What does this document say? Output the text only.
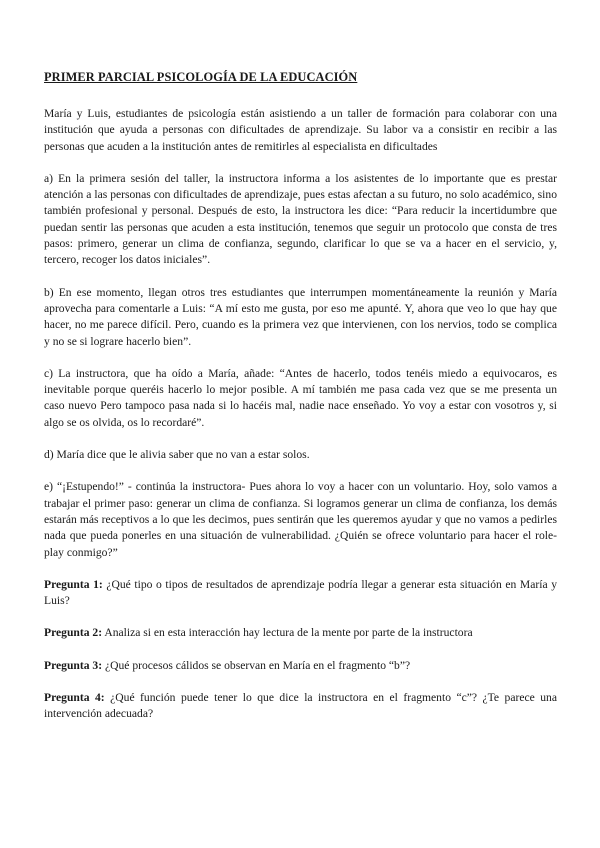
PRIMER PARCIAL PSICOLOGÍA DE LA EDUCACIÓN

María y Luis, estudiantes de psicología están asistiendo a un taller de formación para colaborar con una institución que ayuda a personas con dificultades de aprendizaje. Su labor va a consistir en recibir a las personas que acuden a la institución antes de remitirles al especialista en dificultades

a) En la primera sesión del taller, la instructora informa a los asistentes de lo importante que es prestar atención a las personas con dificultades de aprendizaje, pues estas afectan a su futuro, no solo académico, sino también profesional y personal. Después de esto, la instructora les dice: “Para reducir la incertidumbre que puedan sentir las personas que acuden a esta institución, tenemos que seguir un protocolo que consta de tres pasos: primero, generar un clima de confianza, segundo, clarificar lo que se va a hacer en el servicio, y, tercero, recoger los datos iniciales”.

b) En ese momento, llegan otros tres estudiantes que interrumpen momentáneamente la reunión y María aprovecha para comentarle a Luis: “A mí esto me gusta, por eso me apunté. Y, ahora que veo lo que hay que hacer, no me parece difícil. Pero, cuando es la primera vez que intervienen, con los nervios, todo se complica y no se si lograre hacerlo bien”.

c) La instructora, que ha oído a María, añade: “Antes de hacerlo, todos tenéis miedo a equivocaros, es inevitable porque queréis hacerlo lo mejor posible. A mí también me pasa cada vez que se me presenta un caso nuevo Pero tampoco pasa nada si lo hacéis mal, nadie nace enseñado. Yo voy a estar con vosotros y, si algo se os olvida, os lo recordaré”.

d) María dice que le alivia saber que no van a estar solos.

e) “¡Estupendo!” - continúa la instructora- Pues ahora lo voy a hacer con un voluntario. Hoy, solo vamos a trabajar el primer paso: generar un clima de confianza. Si logramos generar un clima de confianza, los demás estarán más receptivos a lo que les decimos, pues sentirán que les queremos ayudar y que no vamos a pedirles nada que pueda ponerles en una situación de vulnerabilidad. ¿Quién se ofrece voluntario para hacer el role-play conmigo?”

Pregunta 1: ¿Qué tipo o tipos de resultados de aprendizaje podría llegar a generar esta situación en María y Luis?

Pregunta 2: Analiza si en esta interacción hay lectura de la mente por parte de la instructora

Pregunta 3: ¿Qué procesos cálidos se observan en María en el fragmento “b”?

Pregunta 4: ¿Qué función puede tener lo que dice la instructora en el fragmento “c”? ¿Te parece una intervención adecuada?
